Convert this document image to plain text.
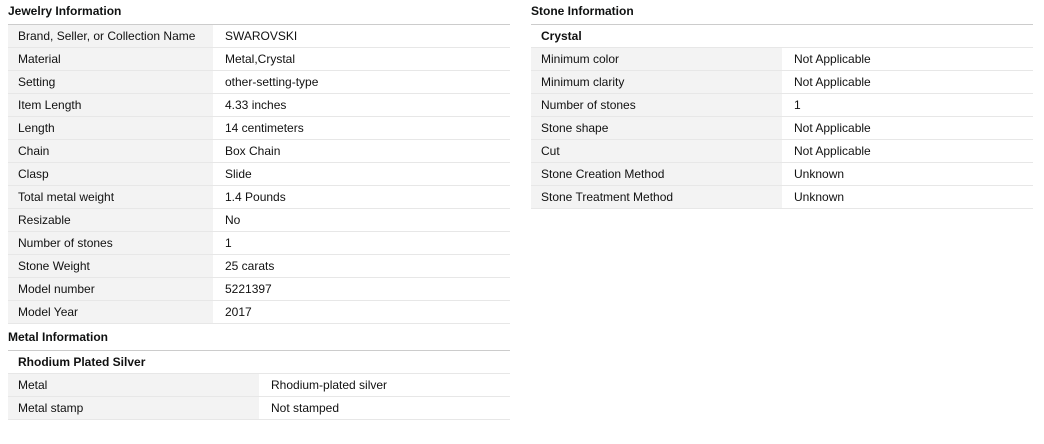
Jewelry Information
Brand, Seller, or Collection Name	SWAROVSKI
Material	Metal,Crystal
Setting	other-setting-type
Item Length	4.33 inches
Length	14 centimeters
Chain	Box Chain
Clasp	Slide
Total metal weight	1.4 Pounds
Resizable	No
Number of stones	1
Stone Weight	25 carats
Model number	5221397
Model Year	2017
Metal Information
Rhodium Plated Silver	
Metal	Rhodium-plated silver
Metal stamp	Not stamped
Stone Information
Crystal	
Minimum color	Not Applicable
Minimum clarity	Not Applicable
Number of stones	1
Stone shape	Not Applicable
Cut	Not Applicable
Stone Creation Method	Unknown
Stone Treatment Method	Unknown
